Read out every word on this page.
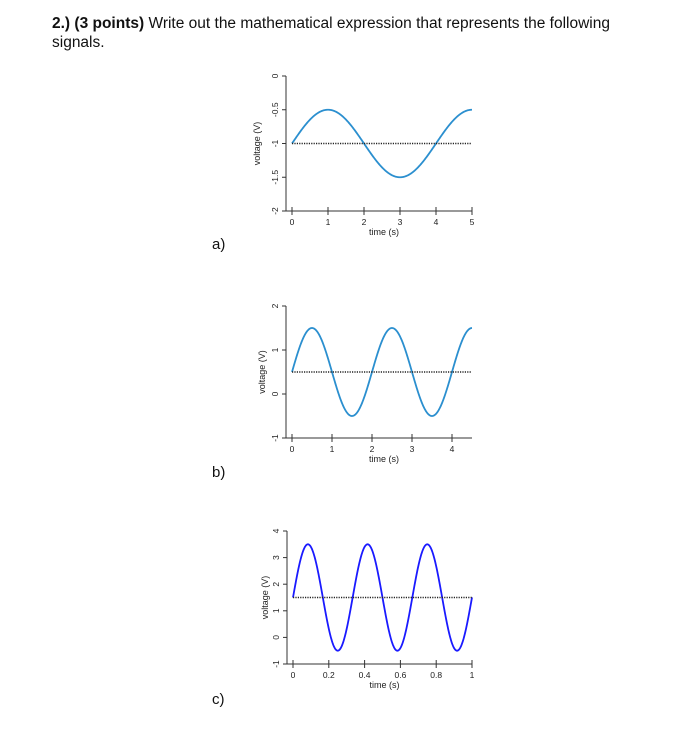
2.) (3 points) Write out the mathematical expression that represents the following signals.
a)
b)
c)
0	1	2	3	4	5
0
-0.5
-1
-1.5
-2
time (s)
voltage (V)
0	1	2	3	4
2
1
0
-1
time (s)
voltage (V)
0	0.2	0.4	0.6	0.8	1
4
3
2
1
0
-1
time (s)
voltage (V)
